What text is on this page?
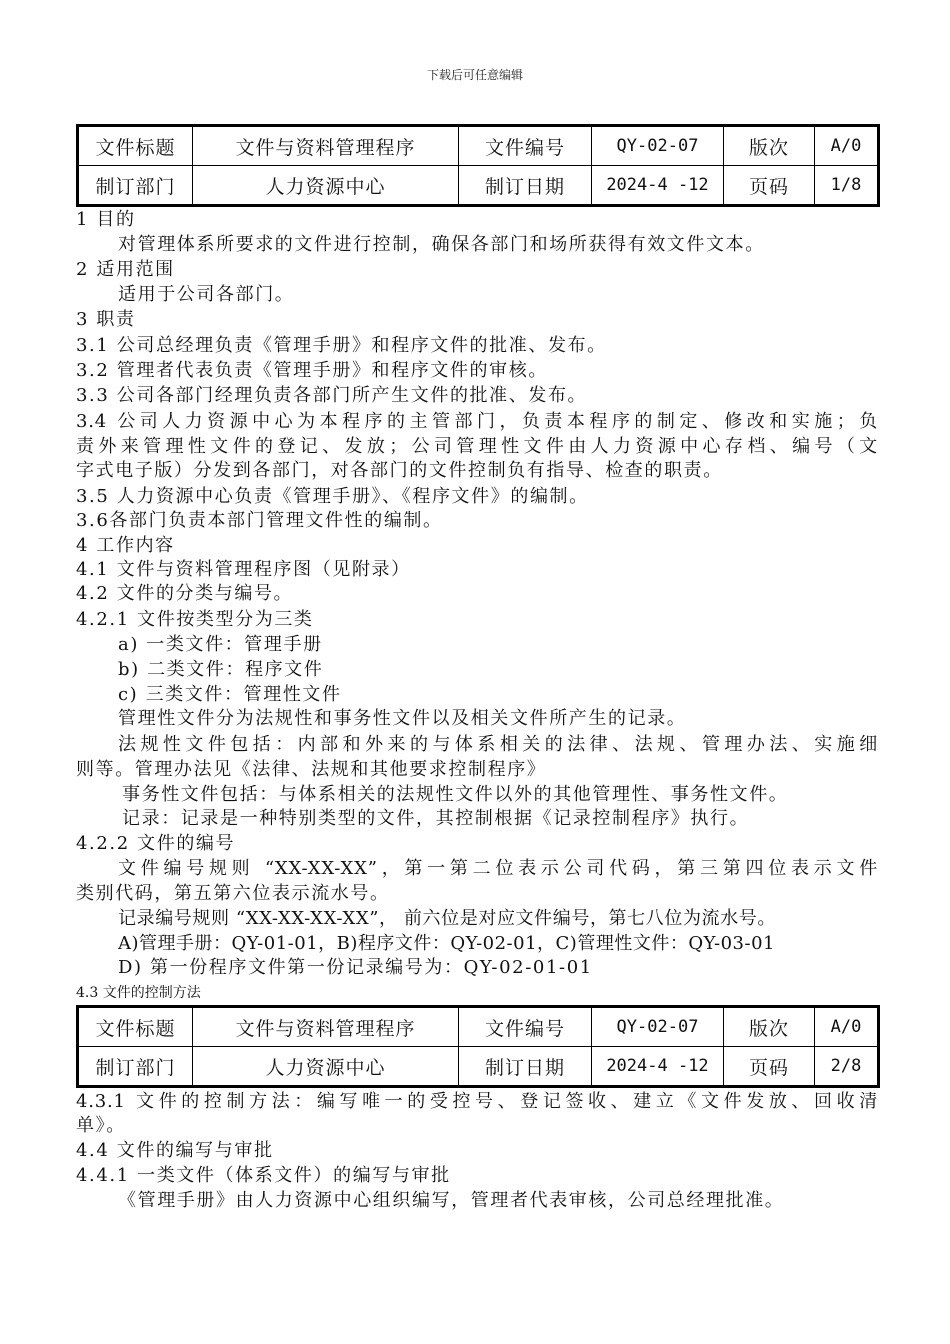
下载后可任意编辑
文件标题	文件与资料管理程序	文件编号	QY-02-07	版次	A/0
制订部门	人力资源中心	制订日期	2024-4 -12	页码	1/8
1 目的
对管理体系所要求的文件进行控制，确保各部门和场所获得有效文件文本。
2 适用范围
适用于公司各部门。
3 职责
3.1 公司总经理负责《管理手册》和程序文件的批准、发布。
3.2 管理者代表负责《管理手册》和程序文件的审核。
3.3 公司各部门经理负责各部门所产生文件的批准、发布。
3.4 公司人力资源中心为本程序的主管部门，负责本程序的制定、修改和实施；负
责外来管理性文件的登记、发放；公司管理性文件由人力资源中心存档、编号（文
字式电子版）分发到各部门，对各部门的文件控制负有指导、检查的职责。
3.5 人力资源中心负责《管理手册》、《程序文件》的编制。
3.6各部门负责本部门管理文件性的编制。
4 工作内容
4.1 文件与资料管理程序图（见附录）
4.2 文件的分类与编号。
4.2.1 文件按类型分为三类
a) 一类文件：管理手册
b) 二类文件：程序文件
c) 三类文件：管理性文件
管理性文件分为法规性和事务性文件以及相关文件所产生的记录。
法规性文件包括：内部和外来的与体系相关的法律、法规、管理办法、实施细
则等。管理办法见《法律、法规和其他要求控制程序》
事务性文件包括：与体系相关的法规性文件以外的其他管理性、事务性文件。
记录：记录是一种特别类型的文件，其控制根据《记录控制程序》执行。
4.2.2 文件的编号
文件编号规则 “XX-XX-XX”，第一第二位表示公司代码，第三第四位表示文件
类别代码，第五第六位表示流水号。
记录编号规则 “XX-XX-XX-XX”， 前六位是对应文件编号，第七八位为流水号。
A)管理手册：QY-01-01，B)程序文件：QY-02-01，C)管理性文件：QY-03-01
D) 第一份程序文件第一份记录编号为：QY-02-01-01
4.3 文件的控制方法
文件标题	文件与资料管理程序	文件编号	QY-02-07	版次	A/0
制订部门	人力资源中心	制订日期	2024-4 -12	页码	2/8
4.3.1 文件的控制方法：编写唯一的受控号、登记签收、建立《文件发放、回收清
单》。
4.4 文件的编写与审批
4.4.1 一类文件（体系文件）的编写与审批
《管理手册》由人力资源中心组织编写，管理者代表审核，公司总经理批准。
